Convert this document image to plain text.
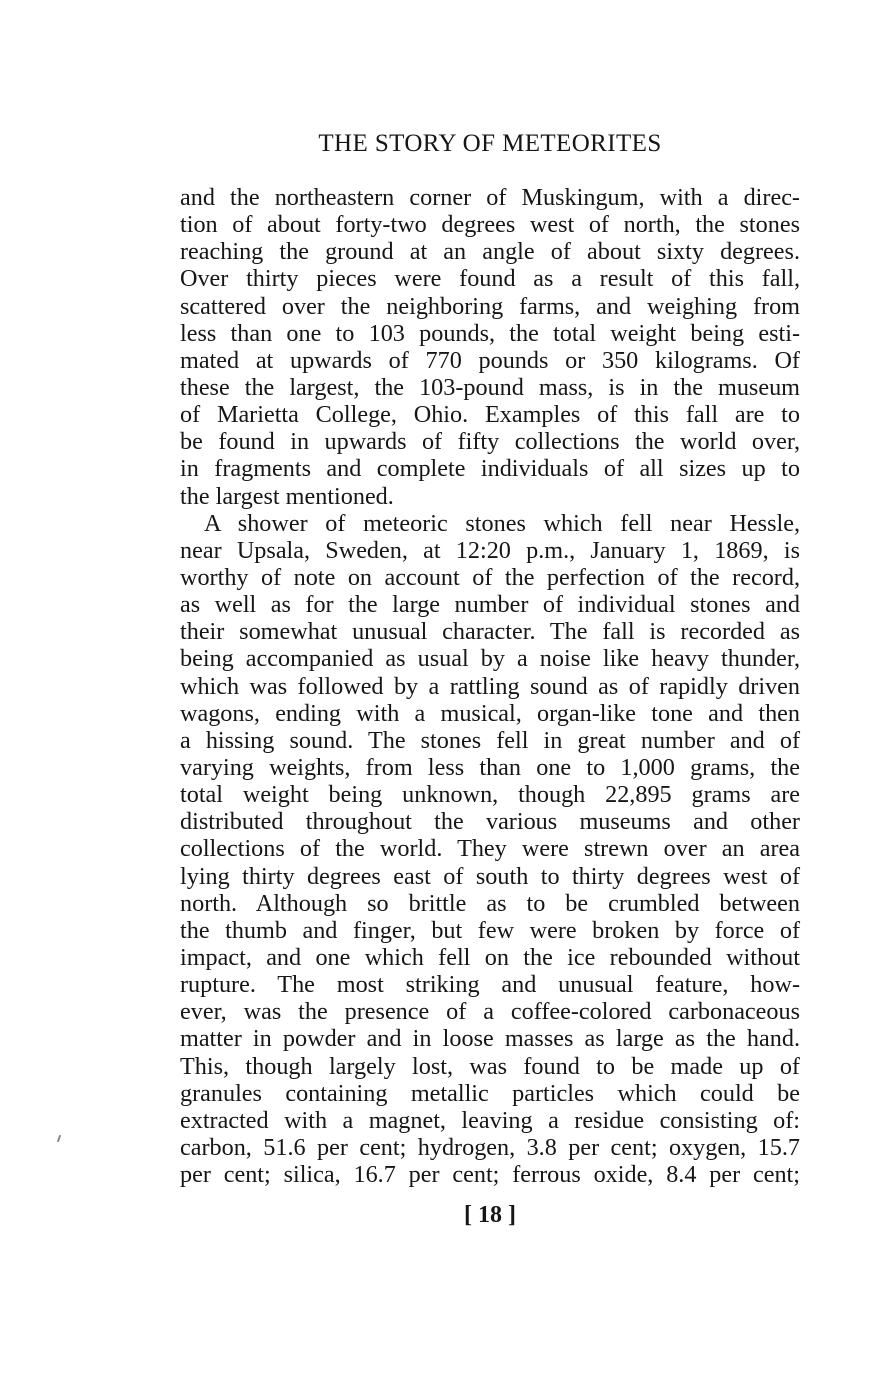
THE STORY OF METEORITES
and the northeastern corner of Muskingum, with a direc-
tion of about forty-two degrees west of north, the stones
reaching the ground at an angle of about sixty degrees.
Over thirty pieces were found as a result of this fall,
scattered over the neighboring farms, and weighing from
less than one to 103 pounds, the total weight being esti-
mated at upwards of 770 pounds or 350 kilograms. Of
these the largest, the 103-pound mass, is in the museum
of Marietta College, Ohio. Examples of this fall are to
be found in upwards of fifty collections the world over,
in fragments and complete individuals of all sizes up to
the largest mentioned.
A shower of meteoric stones which fell near Hessle,
near Upsala, Sweden, at 12:20 p.m., January 1, 1869, is
worthy of note on account of the perfection of the record,
as well as for the large number of individual stones and
their somewhat unusual character. The fall is recorded as
being accompanied as usual by a noise like heavy thunder,
which was followed by a rattling sound as of rapidly driven
wagons, ending with a musical, organ-like tone and then
a hissing sound. The stones fell in great number and of
varying weights, from less than one to 1,000 grams, the
total weight being unknown, though 22,895 grams are
distributed throughout the various museums and other
collections of the world. They were strewn over an area
lying thirty degrees east of south to thirty degrees west of
north. Although so brittle as to be crumbled between
the thumb and finger, but few were broken by force of
impact, and one which fell on the ice rebounded without
rupture. The most striking and unusual feature, how-
ever, was the presence of a coffee-colored carbonaceous
matter in powder and in loose masses as large as the hand.
This, though largely lost, was found to be made up of
granules containing metallic particles which could be
extracted with a magnet, leaving a residue consisting of:
carbon, 51.6 per cent; hydrogen, 3.8 per cent; oxygen, 15.7
per cent; silica, 16.7 per cent; ferrous oxide, 8.4 per cent;
[ 18 ]
